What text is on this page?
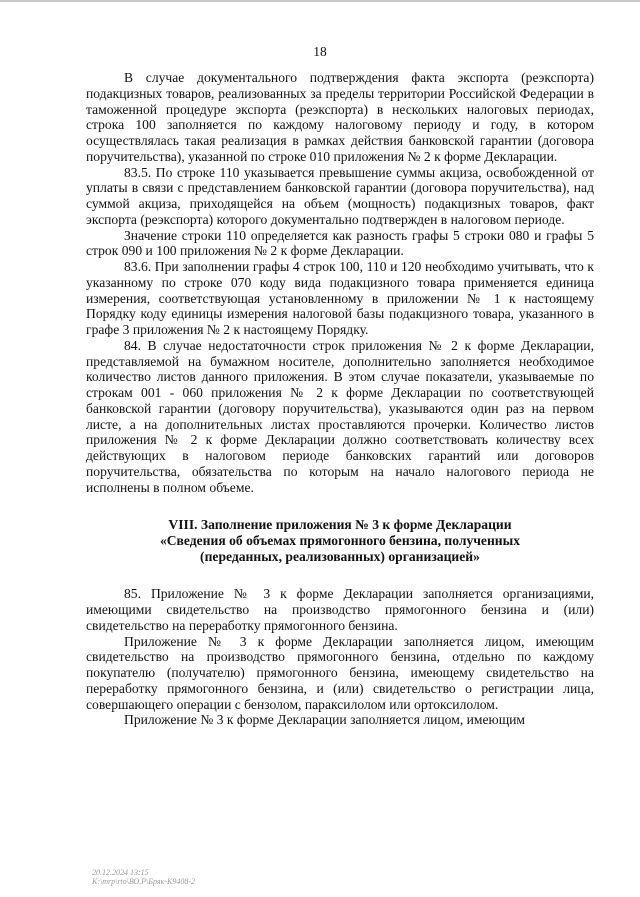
18

В случае документального подтверждения факта экспорта (реэкспорта) подакцизных товаров, реализованных за пределы территории Российской Федерации в таможенной процедуре экспорта (реэкспорта) в нескольких налоговых периодах, строка 100 заполняется по каждому налоговому периоду и году, в котором осуществлялась такая реализация в рамках действия банковской гарантии (договора поручительства), указанной по строке 010 приложения № 2 к форме Декларации.

83.5. По строке 110 указывается превышение суммы акциза, освобожденной от уплаты в связи с представлением банковской гарантии (договора поручительства), над суммой акциза, приходящейся на объем (мощность) подакцизных товаров, факт экспорта (реэкспорта) которого документально подтвержден в налоговом периоде.

Значение строки 110 определяется как разность графы 5 строки 080 и графы 5 строк 090 и 100 приложения № 2 к форме Декларации.

83.6. При заполнении графы 4 строк 100, 110 и 120 необходимо учитывать, что к указанному по строке 070 коду вида подакцизного товара применяется единица измерения, соответствующая установленному в приложении № 1 к настоящему Порядку коду единицы измерения налоговой базы подакцизного товара, указанного в графе 3 приложения № 2 к настоящему Порядку.

84. В случае недостаточности строк приложения № 2 к форме Декларации, представляемой на бумажном носителе, дополнительно заполняется необходимое количество листов данного приложения. В этом случае показатели, указываемые по строкам 001 - 060 приложения № 2 к форме Декларации по соответствующей банковской гарантии (договору поручительства), указываются один раз на первом листе, а на дополнительных листах проставляются прочерки. Количество листов приложения № 2 к форме Декларации должно соответствовать количеству всех действующих в налоговом периоде банковских гарантий или договоров поручительства, обязательства по которым на начало налогового периода не исполнены в полном объеме.

VIII. Заполнение приложения № 3 к форме Декларации
«Сведения об объемах прямогонного бензина, полученных
(переданных, реализованных) организацией»

85. Приложение № 3 к форме Декларации заполняется организациями, имеющими свидетельство на производство прямогонного бензина и (или) свидетельство на переработку прямогонного бензина.

Приложение № 3 к форме Декларации заполняется лицом, имеющим свидетельство на производство прямогонного бензина, отдельно по каждому покупателю (получателю) прямогонного бензина, имеющему свидетельство на переработку прямогонного бензина, и (или) свидетельство о регистрации лица, совершающего операции с бензолом, параксилолом или ортоксилолом.

Приложение № 3 к форме Декларации заполняется лицом, имеющим

20.12.2024 13:15
К:\mrp\rto\ВО.Р\Бряк-К9408-2
